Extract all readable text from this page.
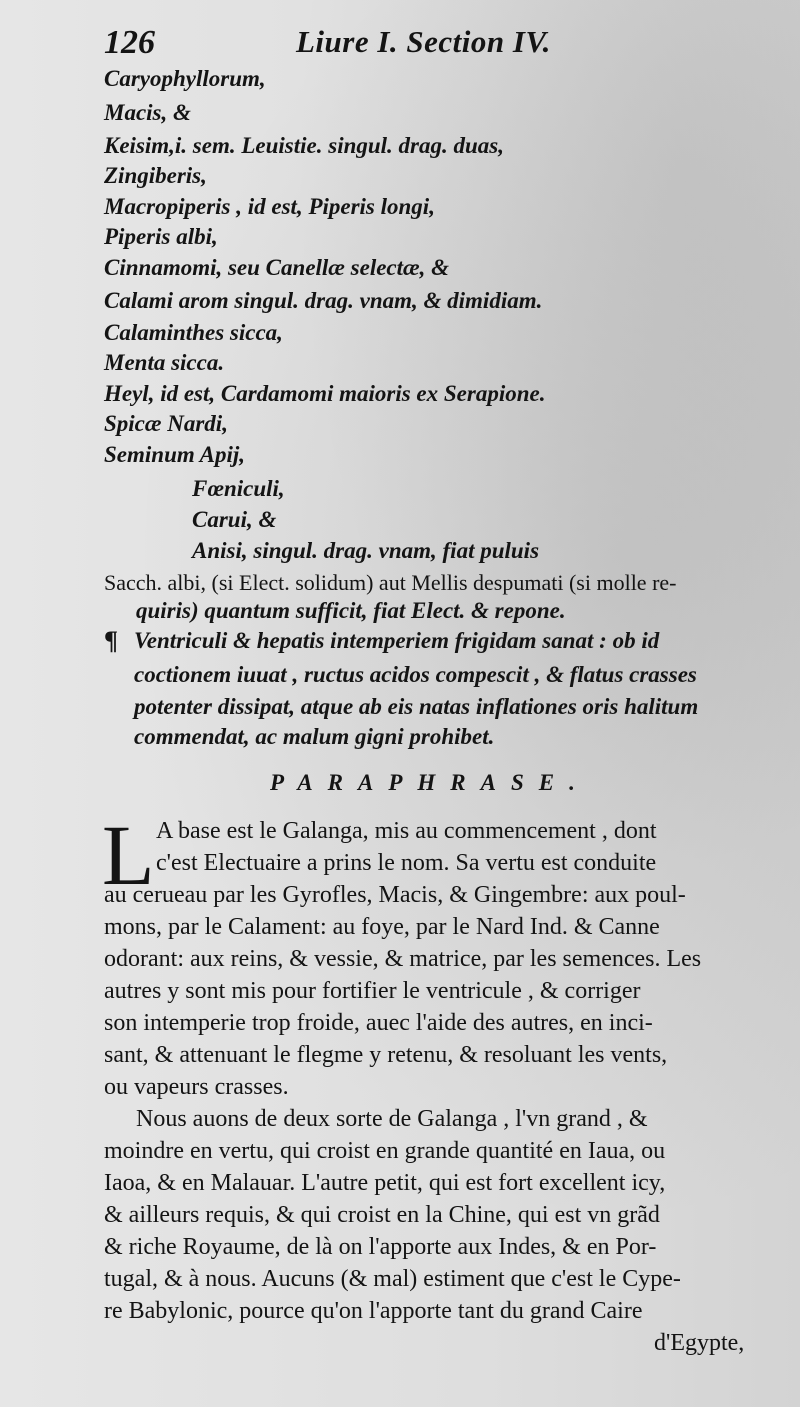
126	Liure I. Section IV.
Caryophyllorum,
Macis, &
Keisim,i. sem. Leuistie. singul. drag. duas,
Zingiberis,
Macropiperis , id est, Piperis longi,
Piperis albi,
Cinnamomi, seu Canellæ selectæ, &
Calami arom singul. drag. vnam, & dimidiam.
Calaminthes sicca,
Menta sicca.
Heyl, id est, Cardamomi maioris ex Serapione.
Spicæ Nardi,
Seminum Apij,
Fœniculi,
Carui, &
Anisi, singul. drag. vnam, fiat puluis
Sacch. albi, (si Elect. solidum) aut Mellis despumati (si molle re-
quiris) quantum sufficit, fiat Elect. & repone.
¶ Ventriculi & hepatis intemperiem frigidam sanat : ob id
coctionem iuuat , ructus acidos compescit , & flatus crasses
potenter dissipat, atque ab eis natas inflationes oris halitum
commendat, ac malum gigni prohibet.
PARAPHRASE.
L A base est le Galanga, mis au commencement , dont
c'est Electuaire a prins le nom. Sa vertu est conduite
au cerueau par les Gyrofles, Macis, & Gingembre: aux poul-
mons, par le Calament: au foye, par le Nard Ind. & Canne
odorant: aux reins, & vessie, & matrice, par les semences. Les
autres y sont mis pour fortifier le ventricule , & corriger
son intemperie trop froide, auec l'aide des autres, en inci-
sant, & attenuant le flegme y retenu, & resoluant les vents,
ou vapeurs crasses.
Nous auons de deux sorte de Galanga , l'vn grand , &
moindre en vertu, qui croist en grande quantité en Iaua, ou
Iaoa, & en Malauar. L'autre petit, qui est fort excellent icy,
& ailleurs requis, & qui croist en la Chine, qui est vn grãd
& riche Royaume, de là on l'apporte aux Indes, & en Por-
tugal, & à nous. Aucuns (& mal) estiment que c'est le Cype-
re Babylonic, pource qu'on l'apporte tant du grand Caire
d'Egypte,
